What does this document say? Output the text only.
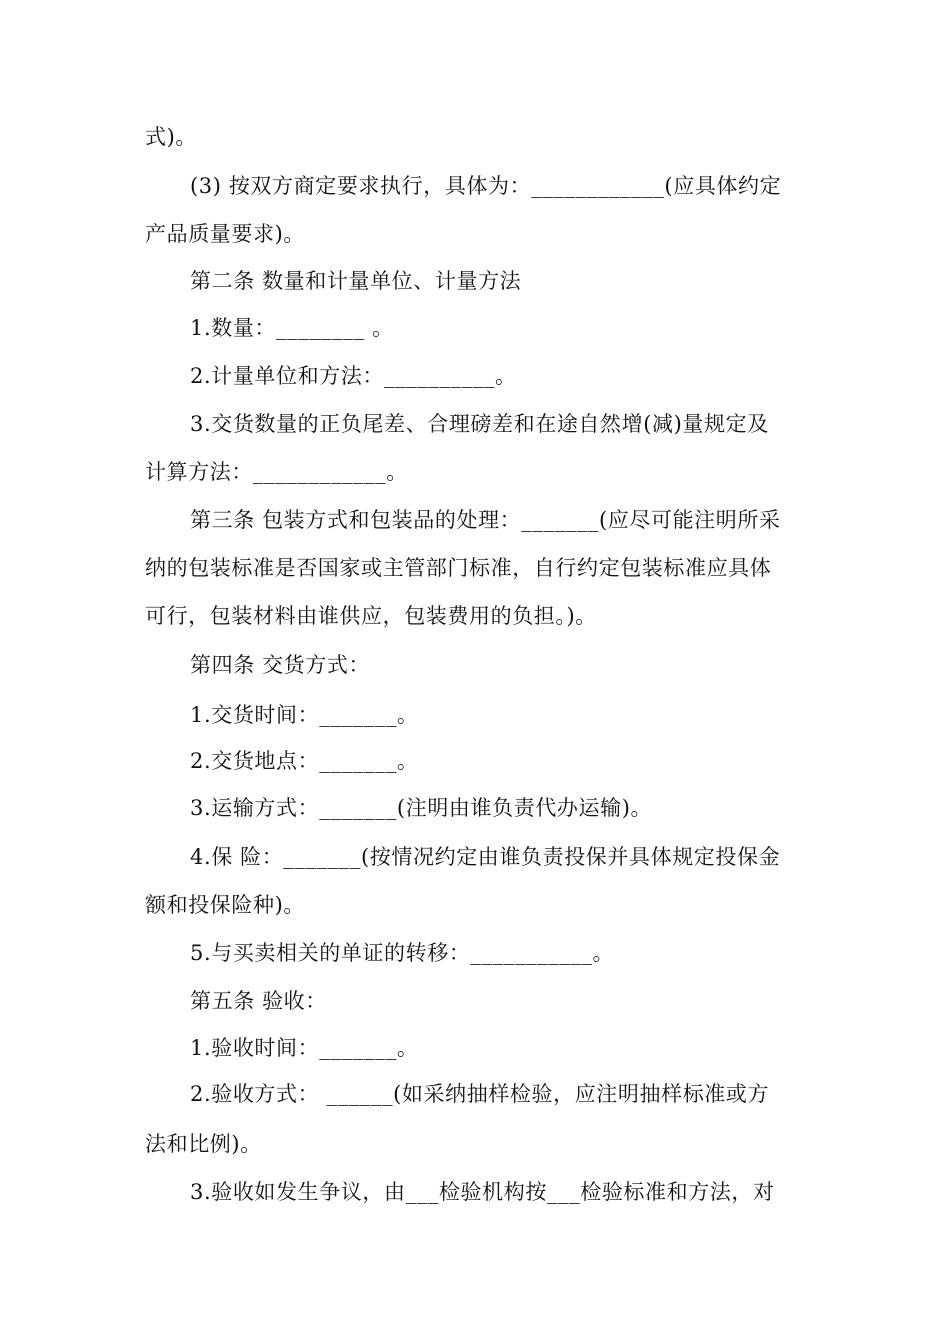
式)。
(3) 按双方商定要求执行，具体为：____________(应具体约定
产品质量要求)。
第二条 数量和计量单位、计量方法
1.数量：________ 。
2.计量单位和方法：__________。
3.交货数量的正负尾差、合理磅差和在途自然增(减)量规定及
计算方法：____________。
第三条 包装方式和包装品的处理：_______(应尽可能注明所采
纳的包装标准是否国家或主管部门标准，自行约定包装标准应具体
可行，包装材料由谁供应，包装费用的负担。)。
第四条 交货方式：
1.交货时间：_______。
2.交货地点：_______。
3.运输方式：_______(注明由谁负责代办运输)。
4.保 险：_______(按情况约定由谁负责投保并具体规定投保金
额和投保险种)。
5.与买卖相关的单证的转移：___________。
第五条 验收：
1.验收时间：_______。
2.验收方式： ______(如采纳抽样检验，应注明抽样标准或方
法和比例)。
3.验收如发生争议，由___检验机构按___检验标准和方法，对
